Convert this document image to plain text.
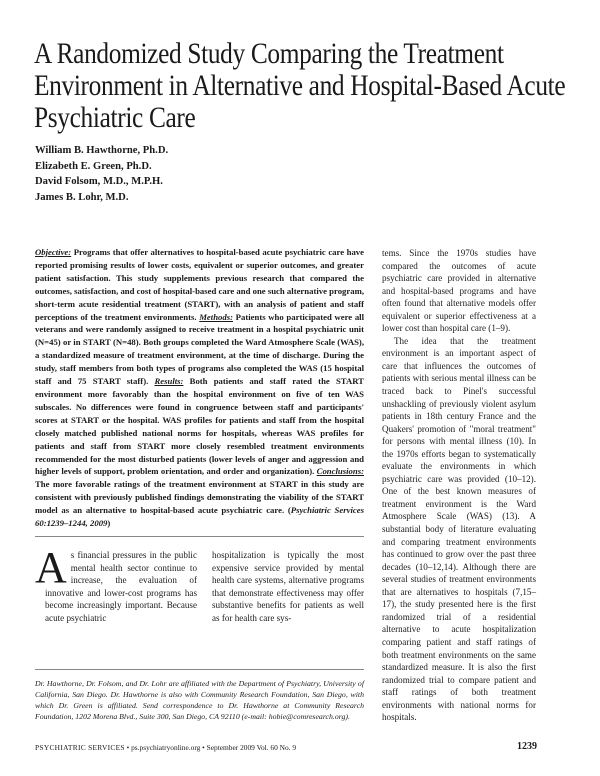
A Randomized Study Comparing the Treatment Environment in Alternative and Hospital-Based Acute Psychiatric Care
William B. Hawthorne, Ph.D.
Elizabeth E. Green, Ph.D.
David Folsom, M.D., M.P.H.
James B. Lohr, M.D.
Objective: Programs that offer alternatives to hospital-based acute psychiatric care have reported promising results of lower costs, equivalent or superior outcomes, and greater patient satisfaction. This study supplements previous research that compared the outcomes, satisfaction, and cost of hospital-based care and one such alternative program, short-term acute residential treatment (START), with an analysis of patient and staff perceptions of the treatment environments. Methods: Patients who participated were all veterans and were randomly assigned to receive treatment in a hospital psychiatric unit (N=45) or in START (N=48). Both groups completed the Ward Atmosphere Scale (WAS), a standardized measure of treatment environment, at the time of discharge. During the study, staff members from both types of programs also completed the WAS (15 hospital staff and 75 START staff). Results: Both patients and staff rated the START environment more favorably than the hospital environment on five of ten WAS subscales. No differences were found in congruence between staff and participants' scores at START or the hospital. WAS profiles for patients and staff from the hospital closely matched published national norms for hospitals, whereas WAS profiles for patients and staff from START more closely resembled treatment environments recommended for the most disturbed patients (lower levels of anger and aggression and higher levels of support, problem orientation, and order and organization). Conclusions: The more favorable ratings of the treatment environment at START in this study are consistent with previously published findings demonstrating the viability of the START model as an alternative to hospital-based acute psychiatric care. (Psychiatric Services 60:1239–1244, 2009)
A s financial pressures in the public mental health sector continue to increase, the evaluation of innovative and lower-cost programs has become increasingly important. Because acute psychiatric

hospitalization is typically the most expensive service provided by mental health care systems, alternative programs that demonstrate effectiveness may offer substantive benefits for patients as well as for health care sys-

tems. Since the 1970s studies have compared the outcomes of acute psychiatric care provided in alternative and hospital-based programs and have often found that alternative models offer equivalent or superior effectiveness at a lower cost than hospital care (1–9).

The idea that the treatment environment is an important aspect of care that influences the outcomes of patients with serious mental illness can be traced back to Pinel's successful unshackling of previously violent asylum patients in 18th century France and the Quakers' promotion of "moral treatment" for persons with mental illness (10). In the 1970s efforts began to systematically evaluate the environments in which psychiatric care was provided (10–12). One of the best known measures of treatment environment is the Ward Atmosphere Scale (WAS) (13). A substantial body of literature evaluating and comparing treatment environments has continued to grow over the past three decades (10–12,14). Although there are several studies of treatment environments that are alternatives to hospitals (7,15–17), the study presented here is the first randomized trial of a residential alternative to acute hospitalization comparing patient and staff ratings of both treatment environments on the same standardized measure. It is also the first randomized trial to compare patient and staff ratings of both treatment environments with national norms for hospitals.

Dr. Hawthorne, Dr. Folsom, and Dr. Lohr are affiliated with the Department of Psychiatry, University of California, San Diego. Dr. Hawthorne is also with Community Research Foundation, San Diego, with which Dr. Green is affiliated. Send correspondence to Dr. Hawthorne at Community Research Foundation, 1202 Morena Blvd., Suite 300, San Diego, CA 92110 (e-mail: hobie@comresearch.org).
PSYCHIATRIC SERVICES • ps.psychiatryonline.org • September 2009 Vol. 60 No. 9	1239
